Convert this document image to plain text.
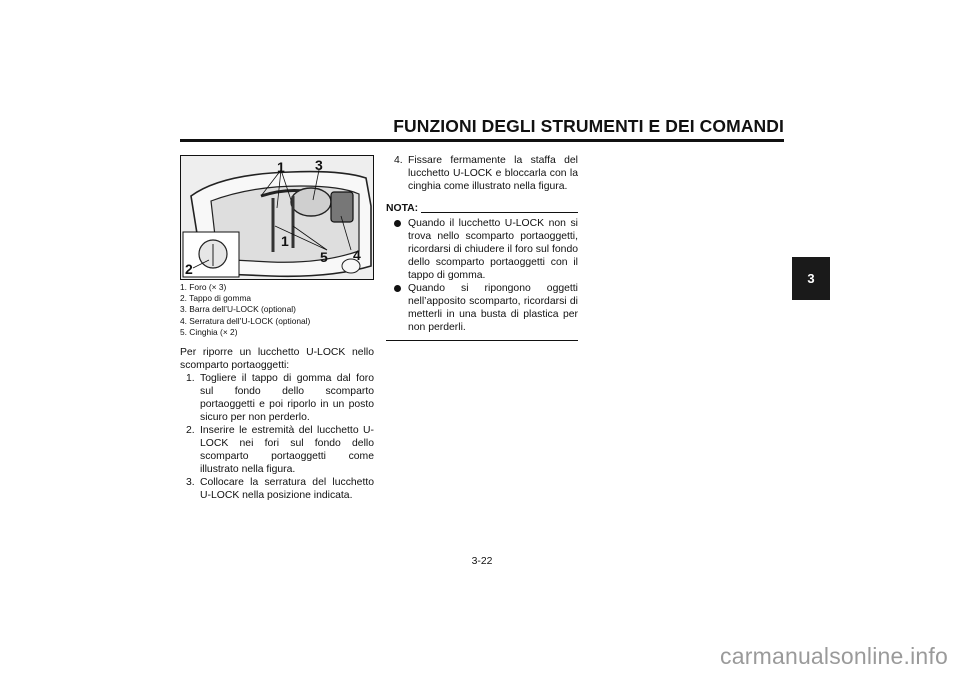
FUNZIONI DEGLI STRUMENTI E DEI COMANDI
3
1 3
1
5 4
2
1. Foro (× 3)
2. Tappo di gomma
3. Barra dell’U-LOCK (optional)
4. Serratura dell’U-LOCK (optional)
5. Cinghia (× 2)

Per riporre un lucchetto U-LOCK nello scomparto portaoggetti:

1. Togliere il tappo di gomma dal foro sul fondo dello scomparto portaoggetti e poi riporlo in un posto sicuro per non perderlo.
2. Inserire le estremità del lucchetto U-LOCK nei fori sul fondo dello scomparto portaoggetti come illustrato nella figura.
3. Collocare la serratura del lucchetto U-LOCK nella posizione indicata.
4. Fissare fermamente la staffa del lucchetto U-LOCK e bloccarla con la cinghia come illustrato nella figura.
NOTA:
Quando il lucchetto U-LOCK non si trova nello scomparto portaoggetti, ricordarsi di chiudere il foro sul fondo dello scomparto portaoggetti con il tappo di gomma.
Quando si ripongono oggetti nell’apposito scomparto, ricordarsi di metterli in una busta di plastica per non perderli.
3-22
carmanualsonline.info
